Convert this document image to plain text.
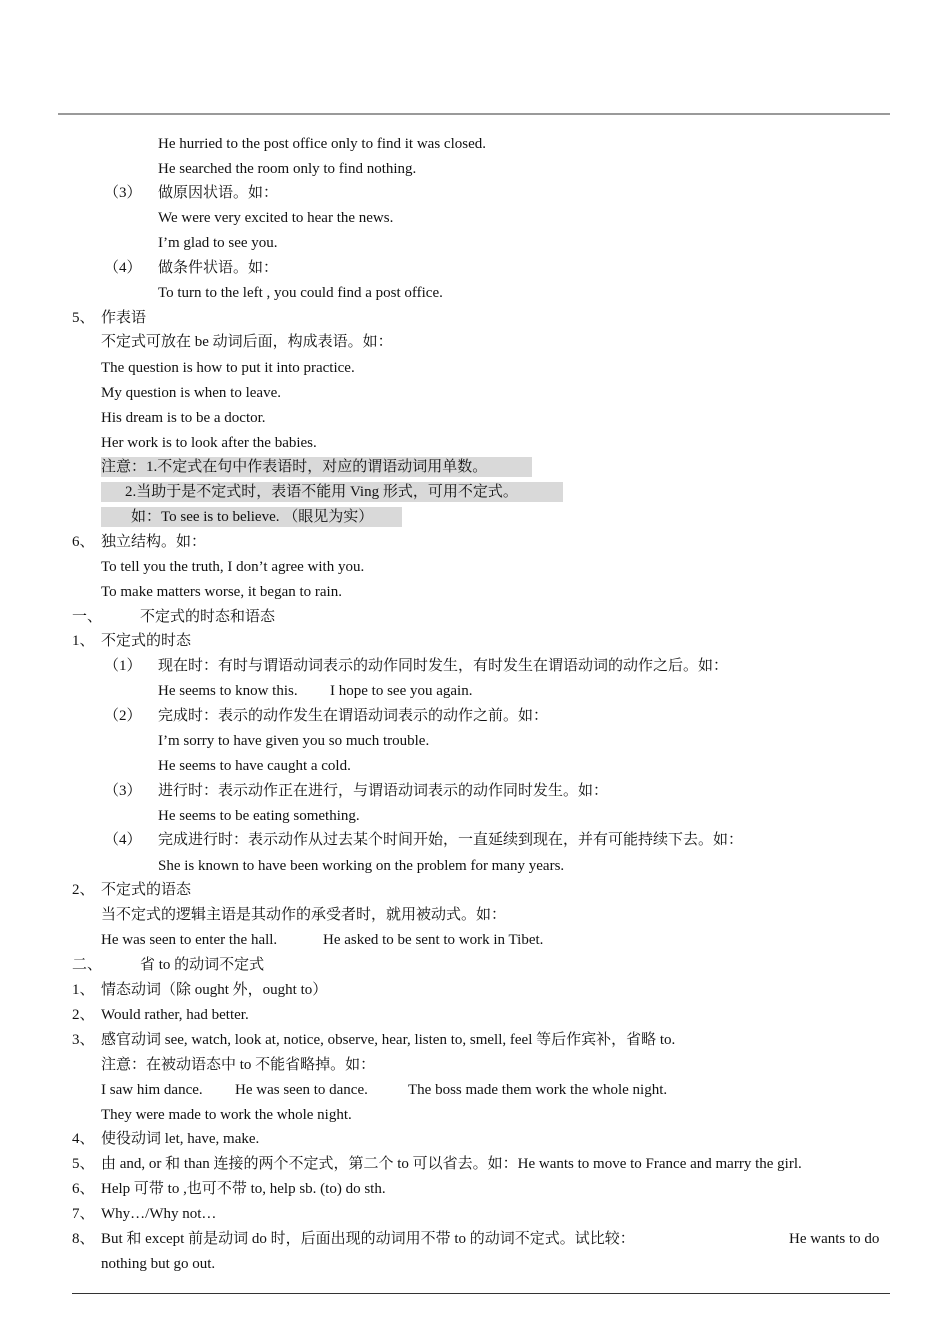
He hurried to the post office only to find it was closed.
He searched the room only to find nothing.
（3） 做原因状语。如：
We were very excited to hear the news.
I’m glad to see you.
（4） 做条件状语。如：
To turn to the left , you could find a post office.
5、 作表语
不定式可放在 be 动词后面，构成表语。如：
The question is how to put it into practice.
My question is when to leave.
His dream is to be a doctor.
Her work is to look after the babies.
注意：1.不定式在句中作表语时，对应的谓语动词用单数。
2.当助于是不定式时，表语不能用 Ving 形式，可用不定式。
如：To see is to believe. （眼见为实）
6、 独立结构。如：
To tell you the truth, I don’t agree with you.
To make matters worse, it began to rain.
一、	不定式的时态和语态
1、 不定式的时态
（1） 现在时：有时与谓语动词表示的动作同时发生，有时发生在谓语动词的动作之后。如：
He seems to know this. I hope to see you again.
（2） 完成时：表示的动作发生在谓语动词表示的动作之前。如：
I’m sorry to have given you so much trouble.
He seems to have caught a cold.
（3） 进行时：表示动作正在进行，与谓语动词表示的动作同时发生。如：
He seems to be eating something.
（4） 完成进行时：表示动作从过去某个时间开始，一直延续到现在，并有可能持续下去。如：
She is known to have been working on the problem for many years.
2、 不定式的语态
当不定式的逻辑主语是其动作的承受者时，就用被动式。如：
He was seen to enter the hall.	He asked to be sent to work in Tibet.
二、	省 to 的动词不定式
1、 情态动词（除 ought 外，ought to）
2、 Would rather, had better.
3、 感官动词 see, watch, look at, notice, observe, hear, listen to, smell, feel 等后作宾补，省略 to.
注意：在被动语态中 to 不能省略掉。如：
I saw him dance. He was seen to dance.	The boss made them work the whole night.
They were made to work the whole night.
4、 使役动词 let, have, make.
5、 由 and, or 和 than 连接的两个不定式，第二个 to 可以省去。如：He wants to move to France and marry the girl.
6、 Help 可带 to ,也可不带 to, help sb. (to) do sth.
7、 Why…/Why not…
8、 But 和 except 前是动词 do 时，后面出现的动词用不带 to 的动词不定式。试比较：	He wants to do
nothing but go out.
